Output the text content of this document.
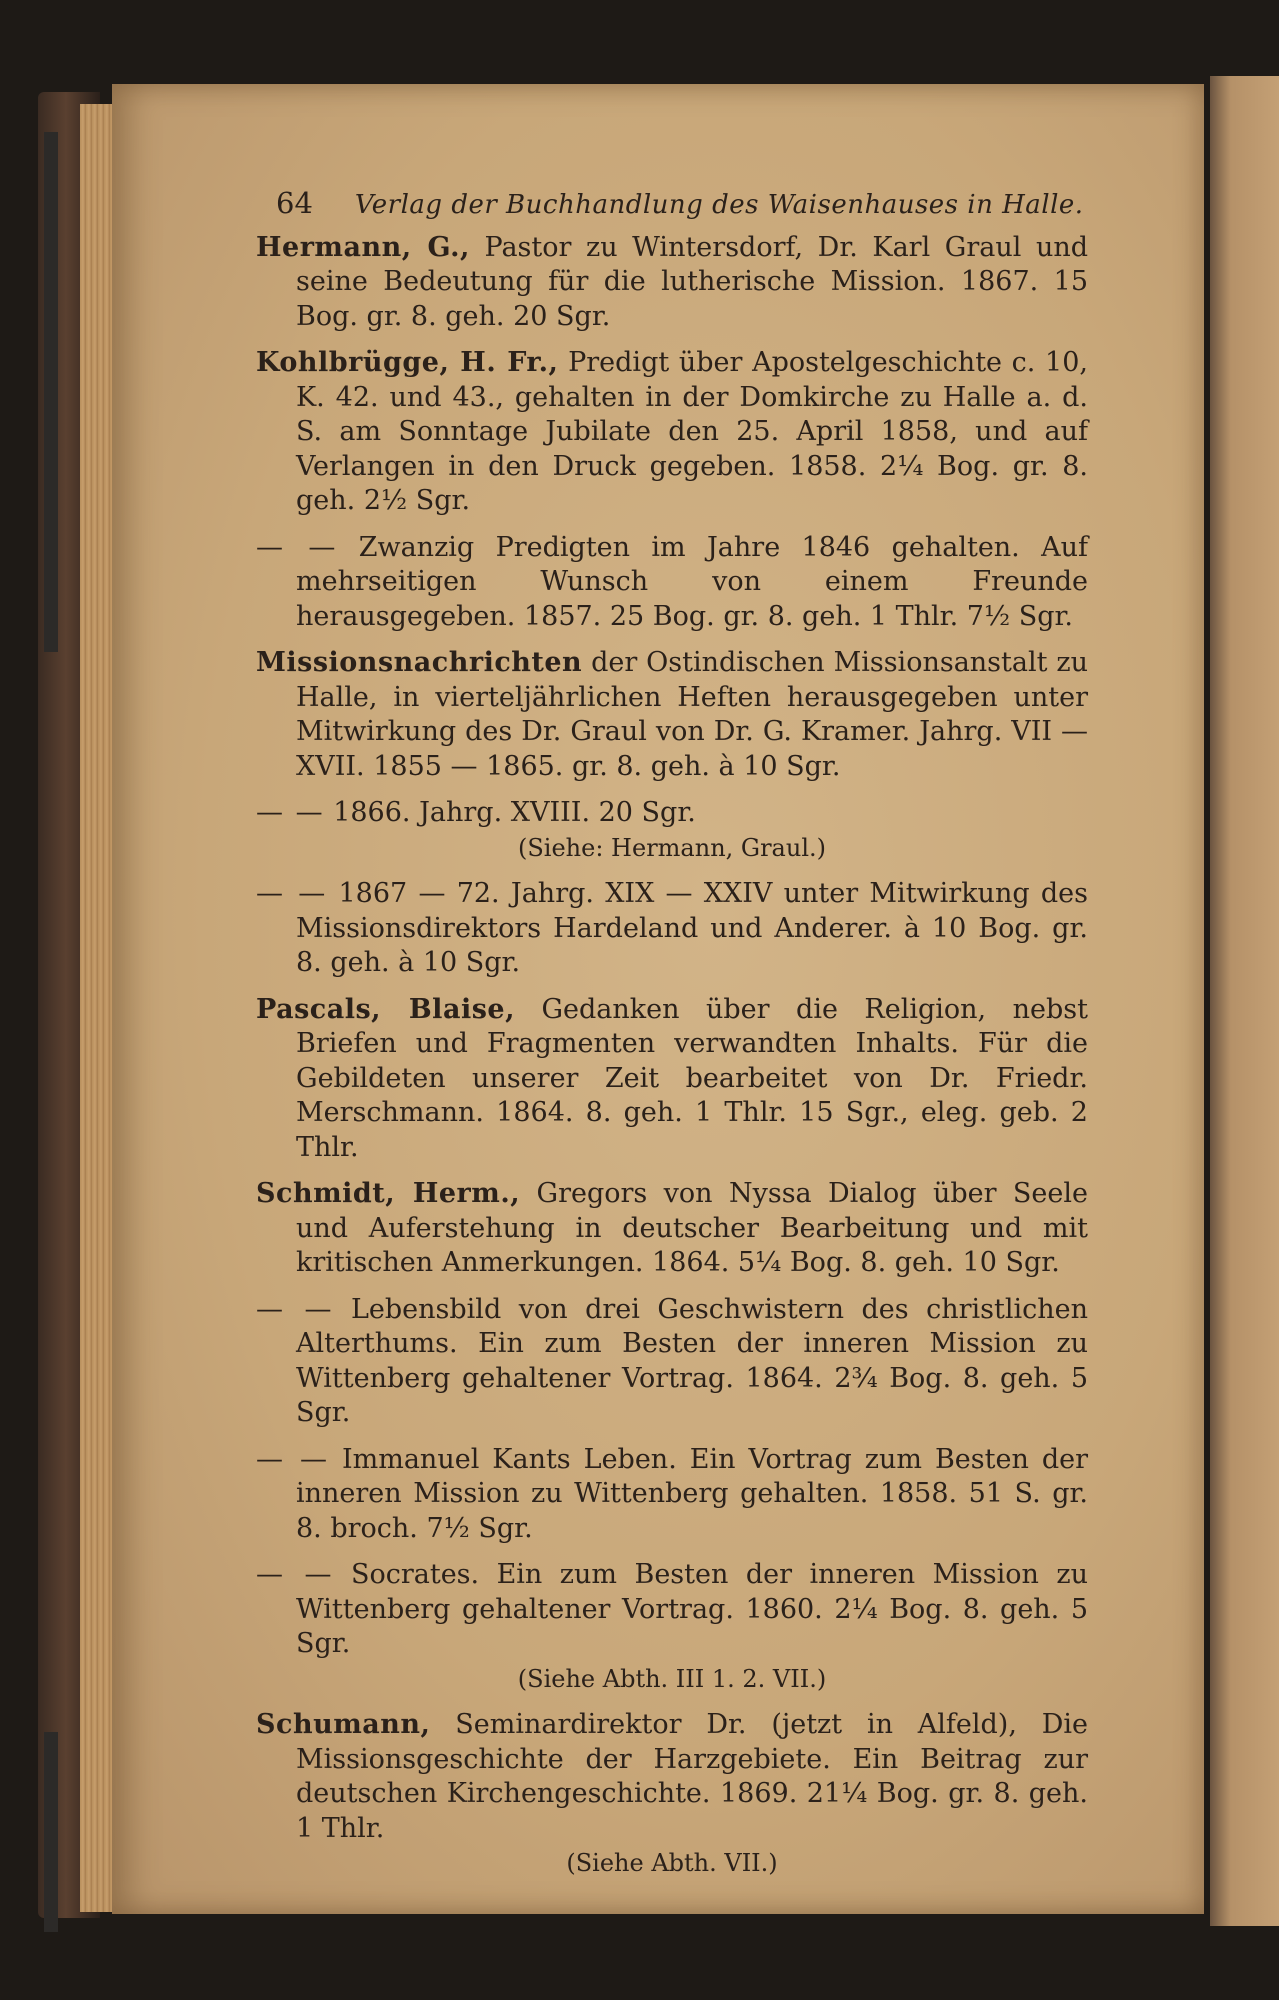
64 Verlag der Buchhandlung des Waisenhauses in Halle.

Hermann, G., Pastor zu Wintersdorf, Dr. Karl Graul und seine Bedeutung für die lutherische Mission. 1867. 15 Bog. gr. 8. geh. 20 Sgr.

Kohlbrügge, H. Fr., Predigt über Apostelgeschichte c. 10, K. 42. und 43., gehalten in der Domkirche zu Halle a. d. S. am Sonntage Jubilate den 25. April 1858, und auf Verlangen in den Druck gegeben. 1858. 2¼ Bog. gr. 8. geh. 2½ Sgr.

— — Zwanzig Predigten im Jahre 1846 gehalten. Auf mehrseitigen Wunsch von einem Freunde herausgegeben. 1857. 25 Bog. gr. 8. geh. 1 Thlr. 7½ Sgr.

Missionsnachrichten der Ostindischen Missionsanstalt zu Halle, in vierteljährlichen Heften herausgegeben unter Mitwirkung des Dr. Graul von Dr. G. Kramer. Jahrg. VII — XVII. 1855 — 1865. gr. 8. geh. à 10 Sgr.

— — 1866. Jahrg. XVIII. 20 Sgr.

(Siehe: Hermann, Graul.)

— — 1867 — 72. Jahrg. XIX — XXIV unter Mitwirkung des Missionsdirektors Hardeland und Anderer. à 10 Bog. gr. 8. geh. à 10 Sgr.

Pascals, Blaise, Gedanken über die Religion, nebst Briefen und Fragmenten verwandten Inhalts. Für die Gebildeten unserer Zeit bearbeitet von Dr. Friedr. Merschmann. 1864. 8. geh. 1 Thlr. 15 Sgr., eleg. geb. 2 Thlr.

Schmidt, Herm., Gregors von Nyssa Dialog über Seele und Auferstehung in deutscher Bearbeitung und mit kritischen Anmerkungen. 1864. 5¼ Bog. 8. geh. 10 Sgr.

— — Lebensbild von drei Geschwistern des christlichen Alterthums. Ein zum Besten der inneren Mission zu Wittenberg gehaltener Vortrag. 1864. 2¾ Bog. 8. geh. 5 Sgr.

— — Immanuel Kants Leben. Ein Vortrag zum Besten der inneren Mission zu Wittenberg gehalten. 1858. 51 S. gr. 8. broch. 7½ Sgr.

— — Socrates. Ein zum Besten der inneren Mission zu Wittenberg gehaltener Vortrag. 1860. 2¼ Bog. 8. geh. 5 Sgr.

(Siehe Abth. III 1. 2. VII.)

Schumann, Seminardirektor Dr. (jetzt in Alfeld), Die Missionsgeschichte der Harzgebiete. Ein Beitrag zur deutschen Kirchengeschichte. 1869. 21¼ Bog. gr. 8. geh. 1 Thlr.

(Siehe Abth. VII.)
